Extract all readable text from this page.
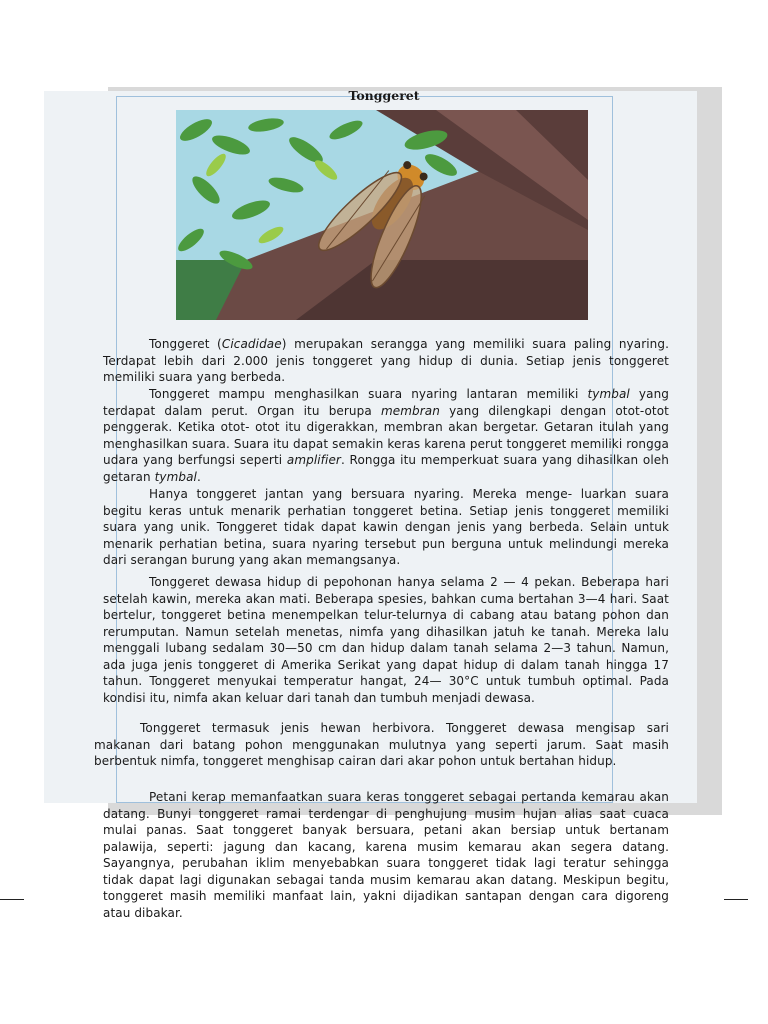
Tonggeret
Tonggeret (Cicadidae) merupakan serangga yang memiliki suara paling nyaring. Terdapat lebih dari 2.000 jenis tonggeret yang hidup di dunia. Setiap jenis tonggeret memiliki suara yang berbeda.
Tonggeret mampu menghasilkan suara nyaring lantaran memiliki tymbal yang terdapat dalam perut. Organ itu berupa membran yang dilengkapi dengan otot-otot penggerak. Ketika otot- otot itu digerakkan, membran akan bergetar. Getaran itulah yang menghasilkan suara. Suara itu dapat semakin keras karena perut tonggeret memiliki rongga udara yang berfungsi seperti amplifier. Rongga itu memperkuat suara yang dihasilkan oleh getaran tymbal.
Hanya tonggeret jantan yang bersuara nyaring. Mereka menge- luarkan suara begitu keras untuk menarik perhatian tonggeret betina. Setiap jenis tonggeret memiliki suara yang unik. Tonggeret tidak dapat kawin dengan jenis yang berbeda. Selain untuk menarik perhatian betina, suara nyaring tersebut pun berguna untuk melindungi mereka dari serangan burung yang akan memangsanya.
Tonggeret dewasa hidup di pepohonan hanya selama 2 — 4 pekan. Beberapa hari setelah kawin, mereka akan mati. Beberapa spesies, bahkan cuma bertahan 3—4 hari. Saat bertelur, tonggeret betina menempelkan telur-telurnya di cabang atau batang pohon dan rerumputan. Namun setelah menetas, nimfa yang dihasilkan jatuh ke tanah. Mereka lalu menggali lubang sedalam 30—50 cm dan hidup dalam tanah selama 2—3 tahun. Namun, ada juga jenis tonggeret di Amerika Serikat yang dapat hidup di dalam tanah hingga 17 tahun. Tonggeret menyukai temperatur hangat, 24— 30°C untuk tumbuh optimal. Pada kondisi itu, nimfa akan keluar dari tanah dan tumbuh menjadi dewasa.
Tonggeret termasuk jenis hewan herbivora. Tonggeret dewasa mengisap sari makanan dari batang pohon menggunakan mulutnya yang seperti jarum. Saat masih berbentuk nimfa, tonggeret menghisap cairan dari akar pohon untuk bertahan hidup.
Petani kerap memanfaatkan suara keras tonggeret sebagai pertanda kemarau akan datang. Bunyi tonggeret ramai terdengar di penghujung musim hujan alias saat cuaca mulai panas. Saat tonggeret banyak bersuara, petani akan bersiap untuk bertanam palawija, seperti: jagung dan kacang, karena musim kemarau akan segera datang. Sayangnya, perubahan iklim menyebabkan suara tonggeret tidak lagi teratur sehingga tidak dapat lagi digunakan sebagai tanda musim kemarau akan datang. Meskipun begitu, tonggeret masih memiliki manfaat lain, yakni dijadikan santapan dengan cara digoreng atau dibakar.
